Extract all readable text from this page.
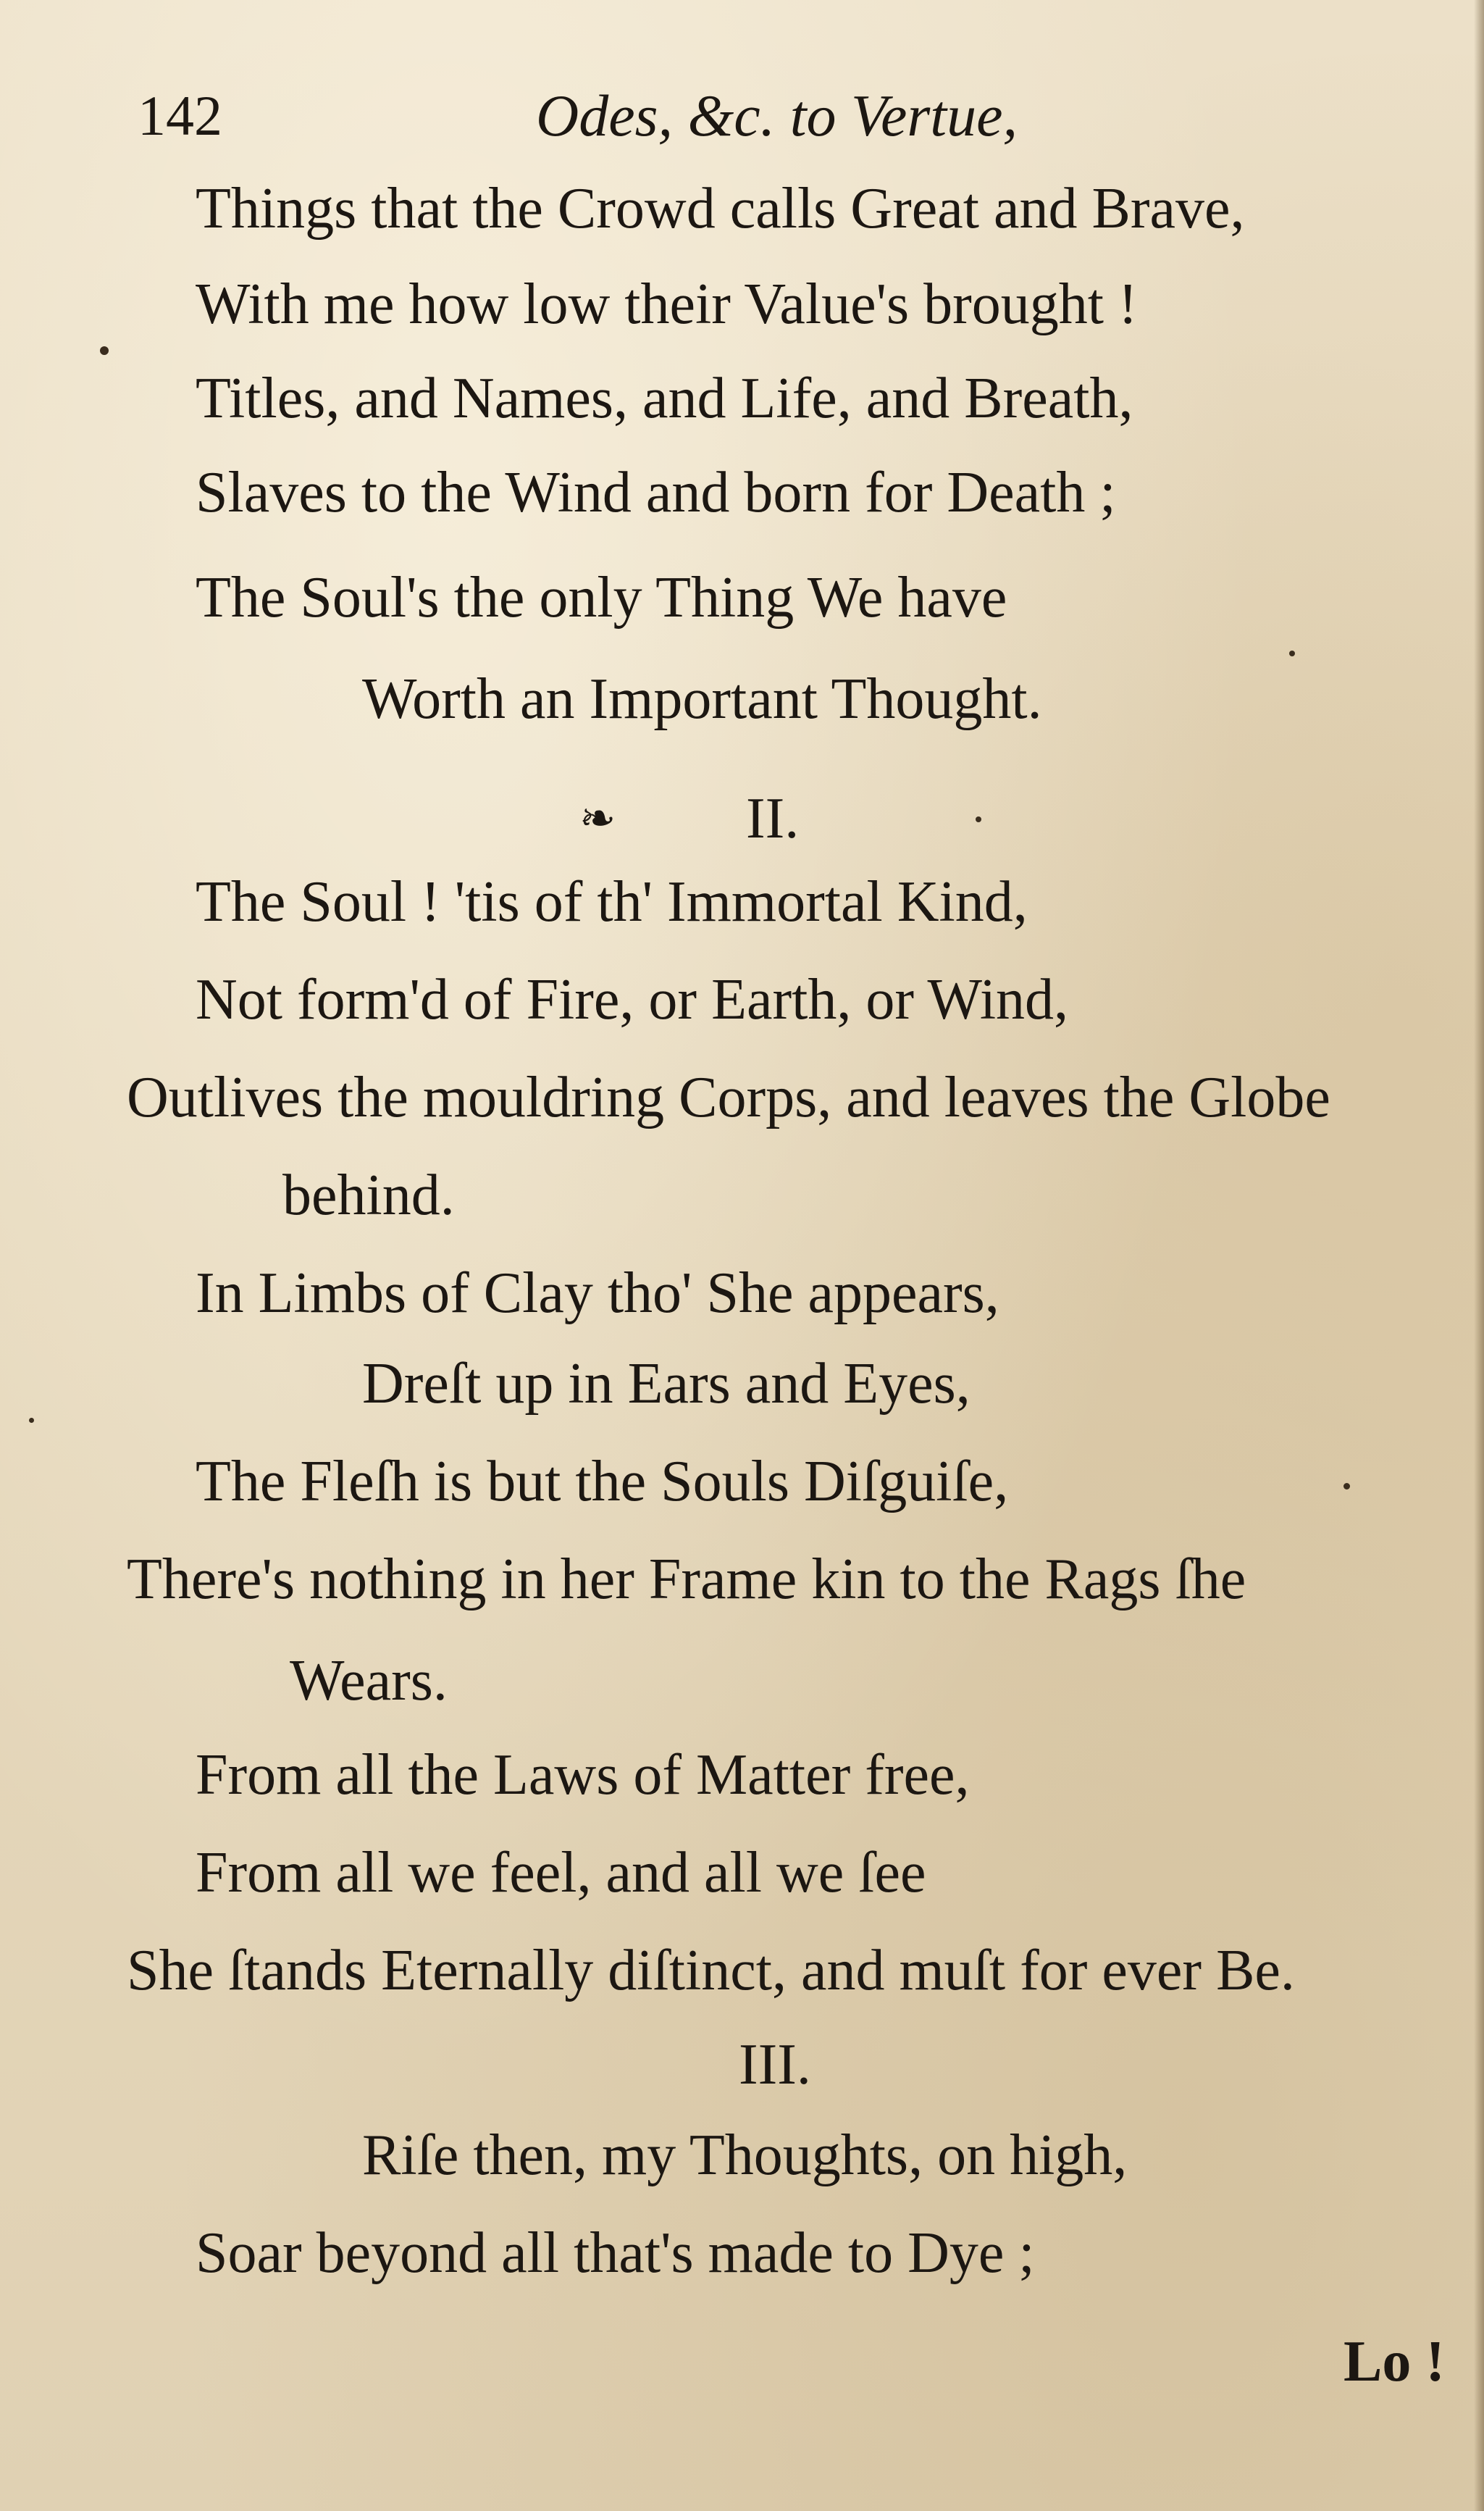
142	Odes, &c. to Vertue,
Things that the Crowd calls Great and Brave,
With me how low their Value's brought !
Titles, and Names, and Life, and Breath,
Slaves to the Wind and born for Death ;
The Soul's the only Thing We have
Worth an Important Thought.
❧ II.
The Soul ! 'tis of th' Immortal Kind,
Not form'd of Fire, or Earth, or Wind,
Outlives the mouldring Corps, and leaves the Globe
behind.
In Limbs of Clay tho' She appears,
Dreſt up in Ears and Eyes,
The Fleſh is but the Souls Diſguiſe,
There's nothing in her Frame kin to the Rags ſhe
Wears.
From all the Laws of Matter free,
From all we feel, and all we ſee
She ſtands Eternally diſtinct, and muſt for ever Be.
III.
Riſe then, my Thoughts, on high,
Soar beyond all that's made to Dye ;
Lo !
